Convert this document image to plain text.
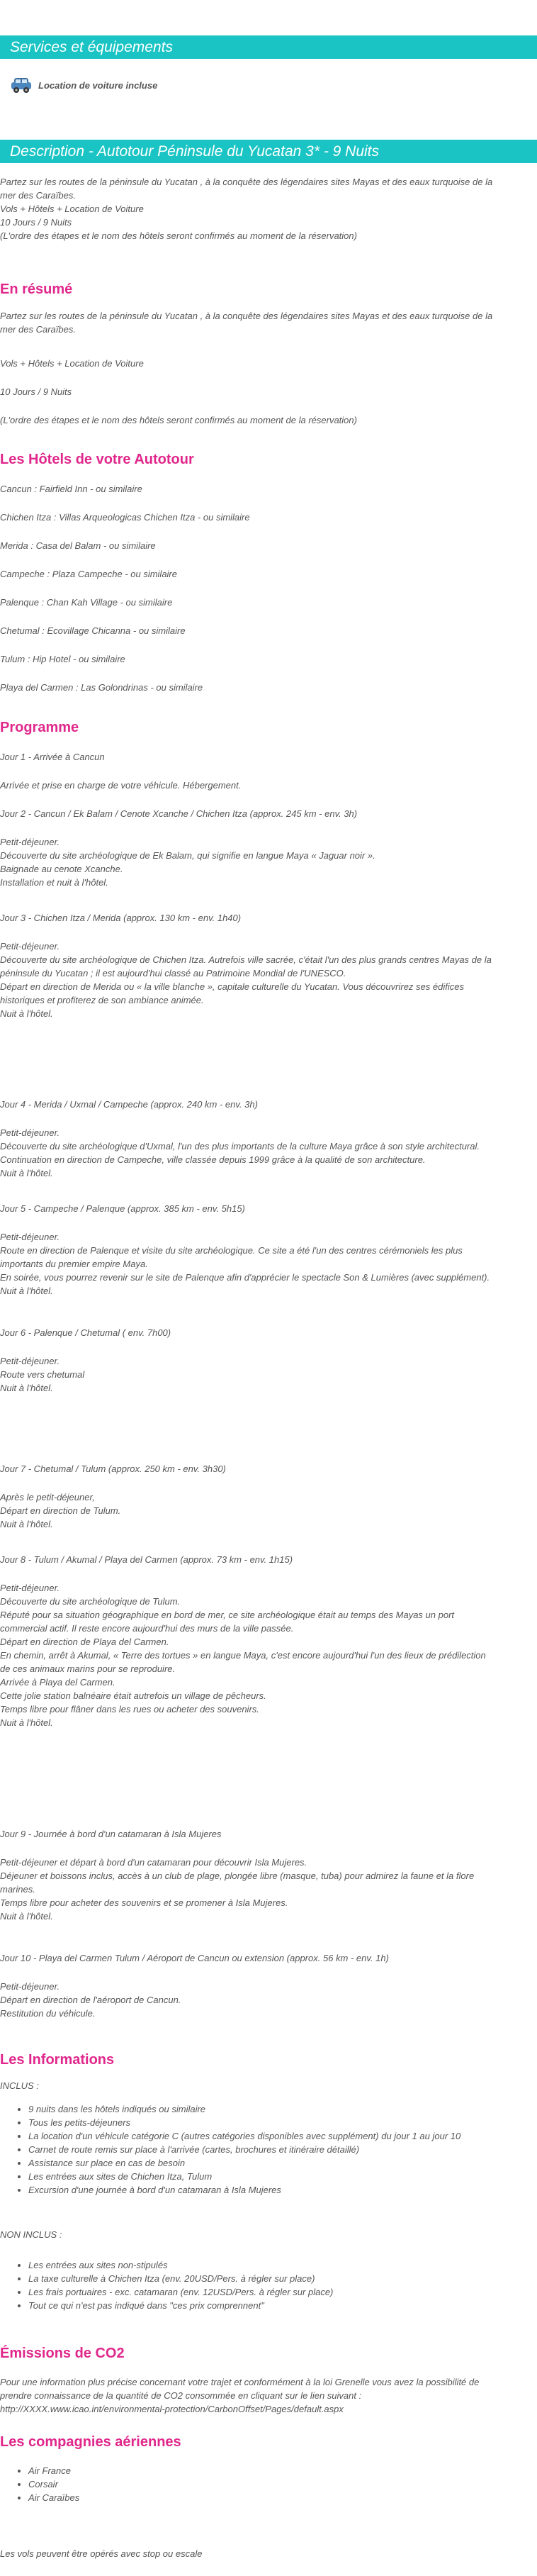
Services et équipements
Location de voiture incluse
Description - Autotour Péninsule du Yucatan 3* - 9 Nuits

Partez sur les routes de la péninsule du Yucatan , à la conquête des légendaires sites Mayas et des eaux turquoise de la

mer des Caraïbes.

Vols + Hôtels + Location de Voiture

10 Jours / 9 Nuits

(L'ordre des étapes et le nom des hôtels seront confirmés au moment de la réservation)

En résumé

Partez sur les routes de la péninsule du Yucatan , à la conquête des légendaires sites Mayas et des eaux turquoise de la

mer des Caraïbes.

Vols + Hôtels + Location de Voiture
10 Jours / 9 Nuits
(L'ordre des étapes et le nom des hôtels seront confirmés au moment de la réservation)
Les Hôtels de votre Autotour
Cancun : Fairfield Inn - ou similaire
Chichen Itza : Villas Arqueologicas Chichen Itza - ou similaire
Merida : Casa del Balam - ou similaire
Campeche : Plaza Campeche - ou similaire
Palenque : Chan Kah Village - ou similaire
Chetumal : Ecovillage Chicanna - ou similaire
Tulum : Hip Hotel - ou similaire
Playa del Carmen : Las Golondrinas - ou similaire
Programme
Jour 1 - Arrivée à Cancun
Arrivée et prise en charge de votre véhicule. Hébergement.
Jour 2 - Cancun / Ek Balam / Cenote Xcanche / Chichen Itza (approx. 245 km - env. 3h)

Petit-déjeuner.

Découverte du site archéologique de Ek Balam, qui signifie en langue Maya « Jaguar noir ».

Baignade au cenote Xcanche.

Installation et nuit à l'hôtel.

Jour 3 - Chichen Itza / Merida (approx. 130 km - env. 1h40)

Petit-déjeuner.

Découverte du site archéologique de Chichen Itza. Autrefois ville sacrée, c'était l'un des plus grands centres Mayas de la

péninsule du Yucatan ; il est aujourd'hui classé au Patrimoine Mondial de l'UNESCO.

Départ en direction de Merida ou « la ville blanche », capitale culturelle du Yucatan. Vous découvrirez ses édifices

historiques et profiterez de son ambiance animée.

Nuit à l'hôtel.

Jour 4 - Merida / Uxmal / Campeche (approx. 240 km - env. 3h)

Petit-déjeuner.

Découverte du site archéologique d'Uxmal, l'un des plus importants de la culture Maya grâce à son style architectural.

Continuation en direction de Campeche, ville classée depuis 1999 grâce à la qualité de son architecture.

Nuit à l'hôtel.

Jour 5 - Campeche / Palenque (approx. 385 km - env. 5h15)

Petit-déjeuner.

Route en direction de Palenque et visite du site archéologique. Ce site a été l'un des centres cérémoniels les plus

importants du premier empire Maya.

En soirée, vous pourrez revenir sur le site de Palenque afin d'apprécier le spectacle Son & Lumières (avec supplément).

Nuit à l'hôtel.

Jour 6 - Palenque / Chetumal ( env. 7h00)

Petit-déjeuner.

Route vers chetumal

Nuit à l'hôtel.

Jour 7 - Chetumal / Tulum (approx. 250 km - env. 3h30)

Après le petit-déjeuner,

Départ en direction de Tulum.

Nuit à l'hôtel.

Jour 8 - Tulum / Akumal / Playa del Carmen (approx. 73 km - env. 1h15)

Petit-déjeuner.

Découverte du site archéologique de Tulum.

Réputé pour sa situation géographique en bord de mer, ce site archéologique était au temps des Mayas un port

commercial actif. Il reste encore aujourd'hui des murs de la ville passée.

Départ en direction de Playa del Carmen.

En chemin, arrêt à Akumal, « Terre des tortues » en langue Maya, c'est encore aujourd'hui l'un des lieux de prédilection

de ces animaux marins pour se reproduire.

Arrivée à Playa del Carmen.

Cette jolie station balnéaire était autrefois un village de pêcheurs.

Temps libre pour flâner dans les rues ou acheter des souvenirs.

Nuit à l'hôtel.

Jour 9 - Journée à bord d'un catamaran à Isla Mujeres

Petit-déjeuner et départ à bord d'un catamaran pour découvrir Isla Mujeres.

Déjeuner et boissons inclus, accès à un club de plage, plongée libre (masque, tuba) pour admirez la faune et la flore

marines.

Temps libre pour acheter des souvenirs et se promener à Isla Mujeres.

Nuit à l'hôtel.

Jour 10 - Playa del Carmen Tulum / Aéroport de Cancun ou extension (approx. 56 km - env. 1h)

Petit-déjeuner.

Départ en direction de l'aéroport de Cancun.

Restitution du véhicule.

Les Informations
INCLUS :
• 9 nuits dans les hôtels indiqués ou similaire
• Tous les petits-déjeuners
• La location d'un véhicule catégorie C (autres catégories disponibles avec supplément) du jour 1 au jour 10
• Carnet de route remis sur place à l'arrivée (cartes, brochures et itinéraire détaillé)
• Assistance sur place en cas de besoin
• Les entrées aux sites de Chichen Itza, Tulum
• Excursion d'une journée à bord d'un catamaran à Isla Mujeres
NON INCLUS :
• Les entrées aux sites non-stipulés
• La taxe culturelle à Chichen Itza (env. 20USD/Pers. à régler sur place)
• Les frais portuaires - exc. catamaran (env. 12USD/Pers. à régler sur place)
• Tout ce qui n'est pas indiqué dans "ces prix comprennent"
Émissions de CO2

Pour une information plus précise concernant votre trajet et conformément à la loi Grenelle vous avez la possibilité de

prendre connaissance de la quantité de CO2 consommée en cliquant sur le lien suivant :

http://XXXX.www.icao.int/environmental-protection/CarbonOffset/Pages/default.aspx

Les compagnies aériennes
• Air France
• Corsair
• Air Caraïbes
Les vols peuvent être opérés avec stop ou escale
